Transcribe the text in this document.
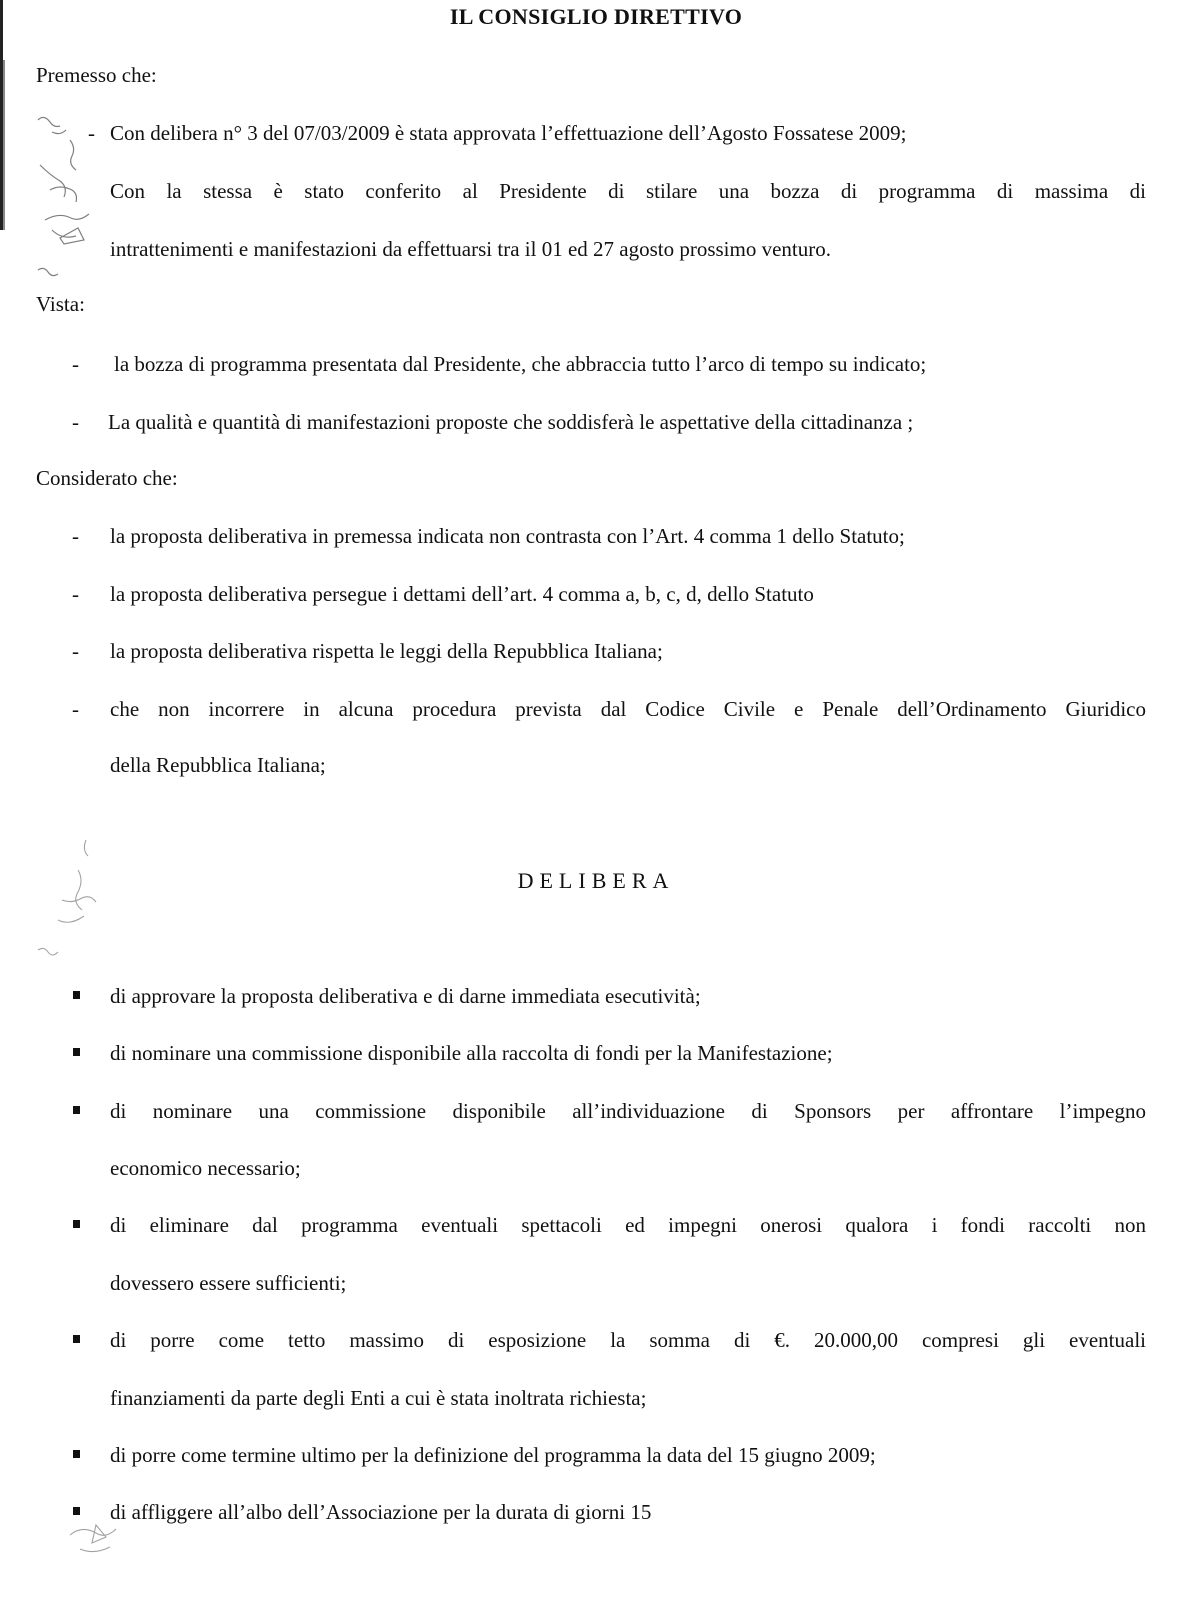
IL CONSIGLIO DIRETTIVO
Premesso che:
- Con delibera n° 3 del 07/03/2009 è stata approvata l’effettuazione dell’Agosto Fossatese 2009;
Con la stessa è stato conferito al Presidente di stilare una bozza di programma di massima di
intrattenimenti e manifestazioni da effettuarsi tra il 01 ed 27 agosto prossimo venturo.
Vista:
- la bozza di programma presentata dal Presidente, che abbraccia tutto l’arco di tempo su indicato;
- La qualità e quantità di manifestazioni proposte che soddisferà le aspettative della cittadinanza ;
Considerato che:
- la proposta deliberativa in premessa indicata non contrasta con l’Art. 4 comma 1 dello Statuto;
- la proposta deliberativa persegue i dettami dell’art. 4 comma a, b, c, d, dello Statuto
- la proposta deliberativa rispetta le leggi della Repubblica Italiana;
- che non incorrere in alcuna procedura prevista dal Codice Civile e Penale dell’Ordinamento Giuridico
della Repubblica Italiana;
DELIBERA
di approvare la proposta deliberativa e di darne immediata esecutività;
di nominare una commissione disponibile alla raccolta di fondi per la Manifestazione;
di nominare una commissione disponibile all’individuazione di Sponsors per affrontare l’impegno
economico necessario;
di eliminare dal programma eventuali spettacoli ed impegni onerosi qualora i fondi raccolti non
dovessero essere sufficienti;
di porre come tetto massimo di esposizione la somma di €. 20.000,00 compresi gli eventuali
finanziamenti da parte degli Enti a cui è stata inoltrata richiesta;
di porre come termine ultimo per la definizione del programma la data del 15 giugno 2009;
di affliggere all’albo dell’Associazione per la durata di giorni 15
